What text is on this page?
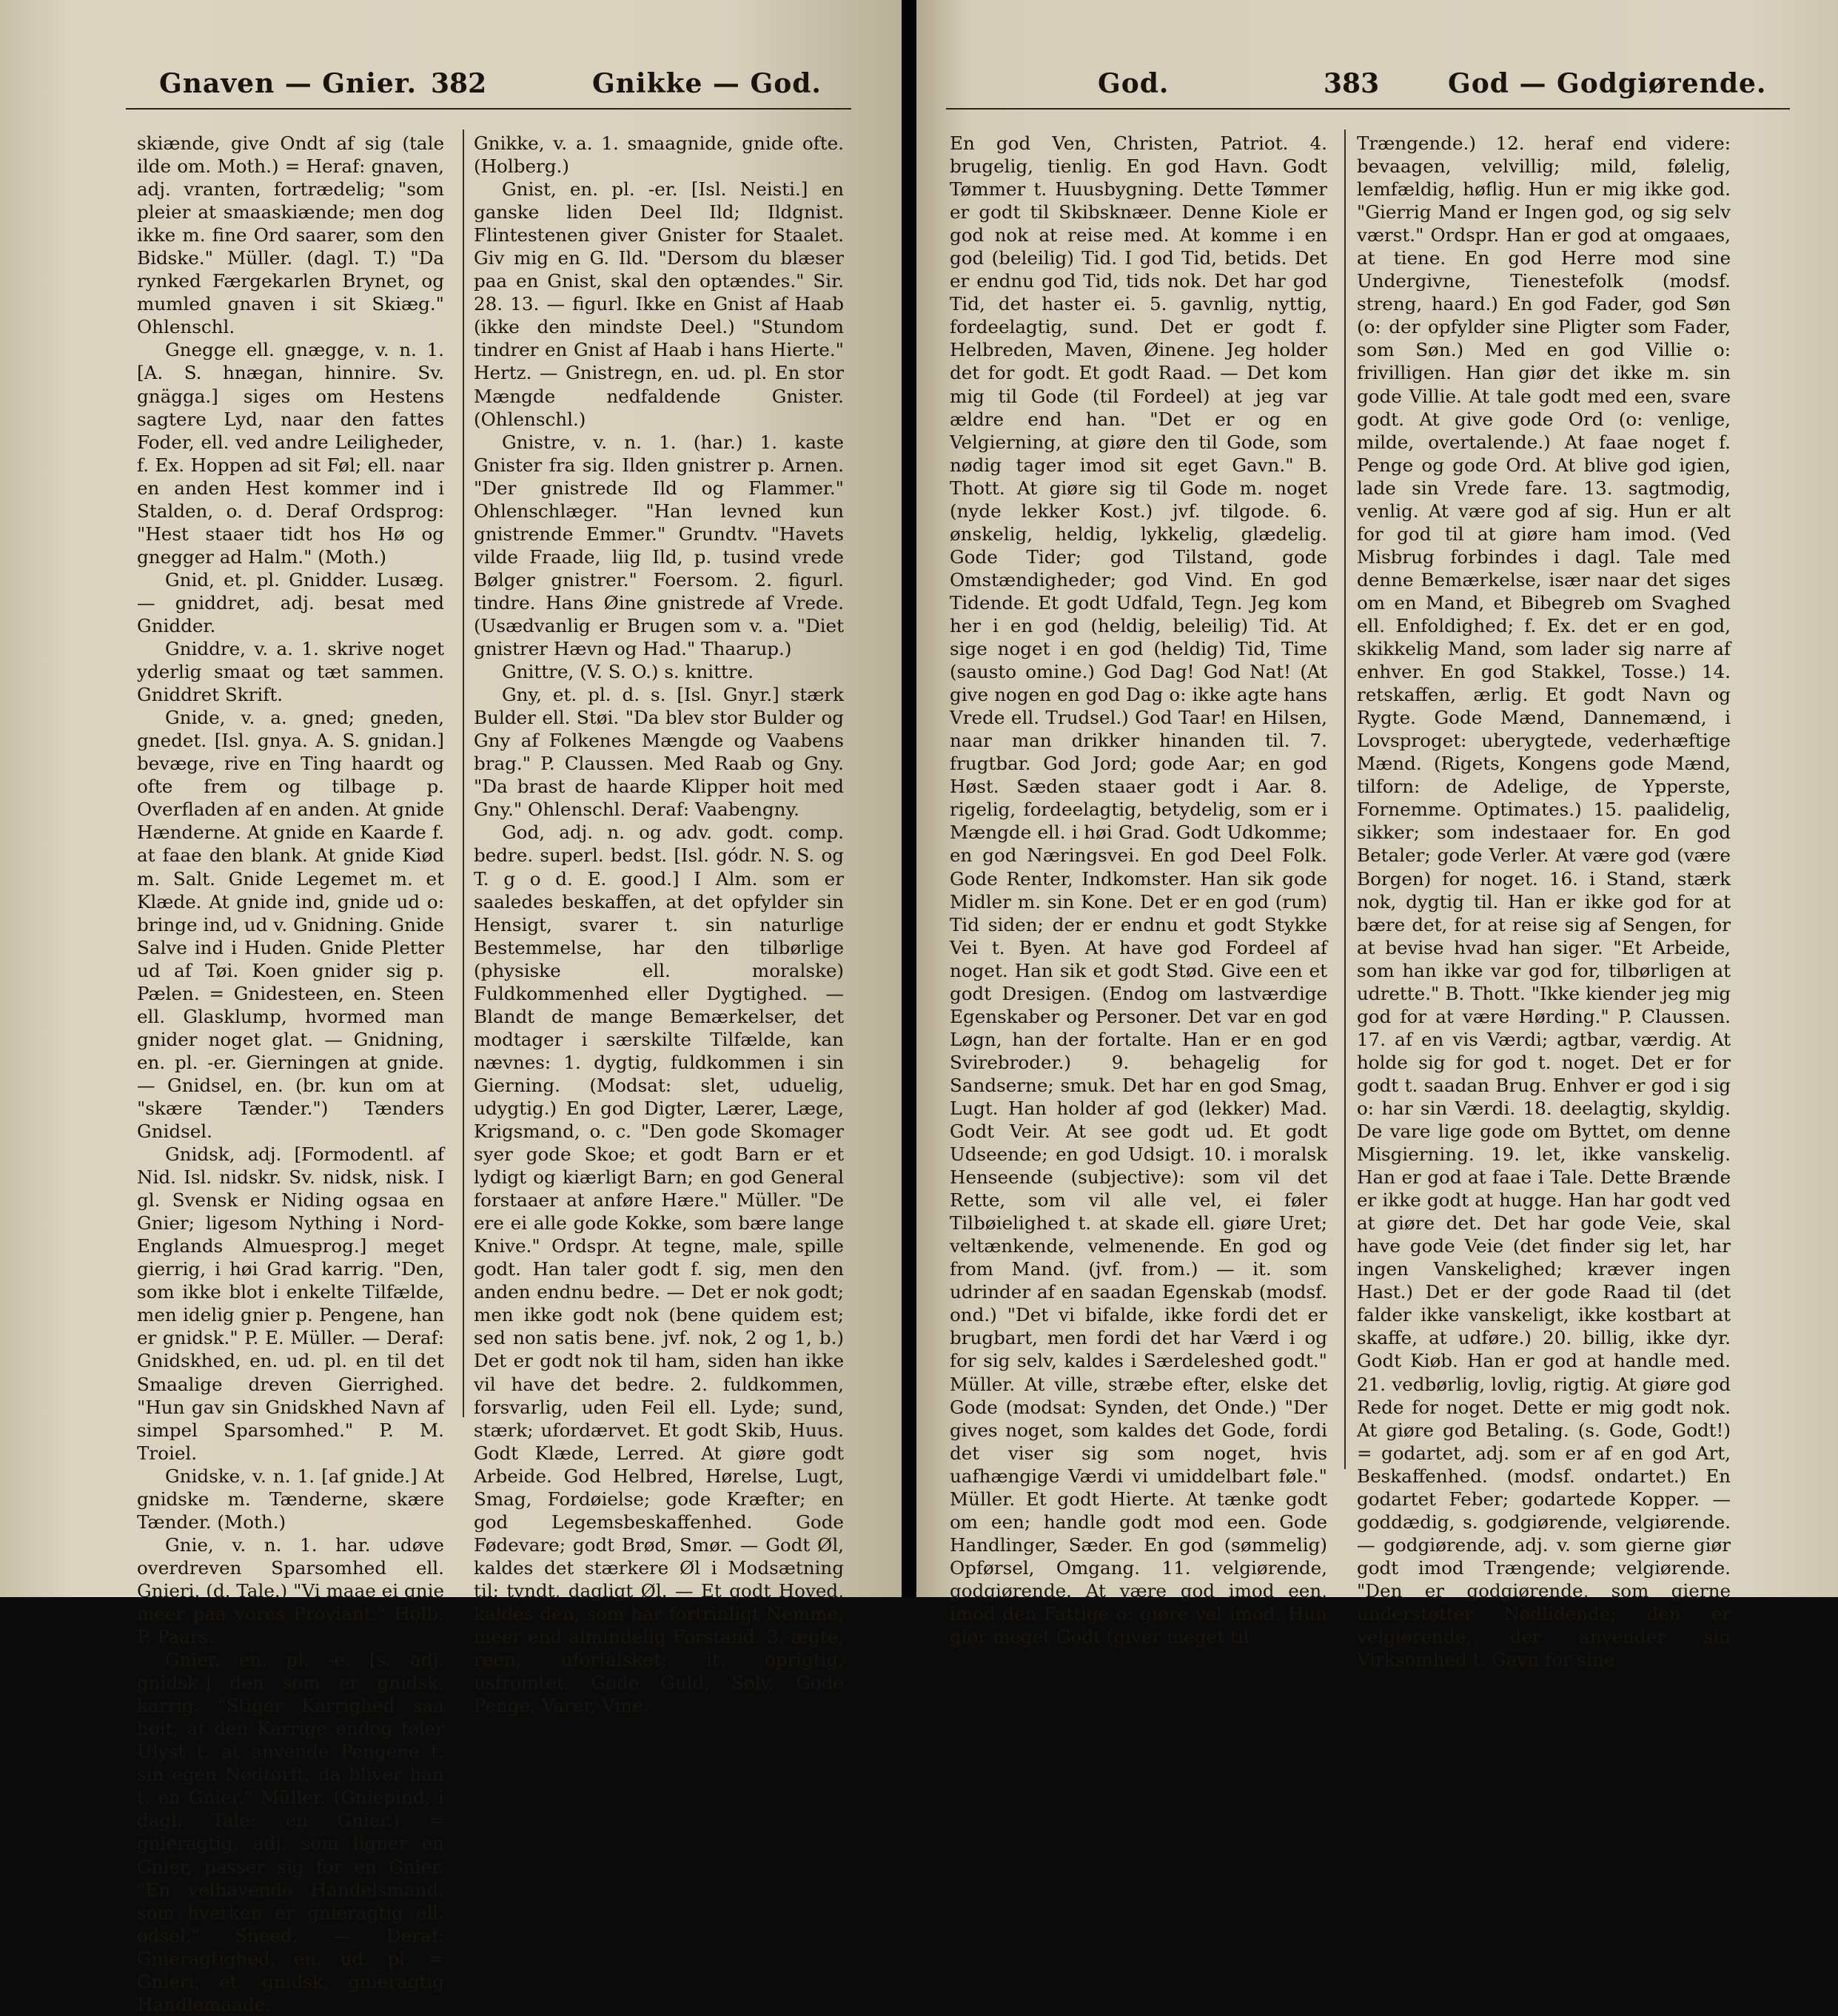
Gnaven — Gnier. 382	Gnikke — God.

skiænde, give Ondt af sig (tale ilde om. Moth.) = Heraf: gnaven, adj. vranten, fortrædelig; "som pleier at smaaskiænde; men dog ikke m. fine Ord saarer, som den Bidske." Müller. (dagl. T.) "Da rynked Færgekarlen Brynet, og mumled gnaven i sit Skiæg." Ohlenschl.

Gnegge ell. gnægge, v. n. 1. [A. S. hnægan, hinnire. Sv. gnägga.] siges om Hestens sagtere Lyd, naar den fattes Foder, ell. ved andre Leiligheder, f. Ex. Hoppen ad sit Føl; ell. naar en anden Hest kommer ind i Stalden, o. d. Deraf Ordsprog: "Hest staaer tidt hos Hø og gnegger ad Halm." (Moth.)

Gnid, et. pl. Gnidder. Lusæg. — gniddret, adj. besat med Gnidder.

Gniddre, v. a. 1. skrive noget yderlig smaat og tæt sammen. Gniddret Skrift.

Gnide, v. a. gned; gneden, gnedet. [Isl. gnya. A. S. gnidan.] bevæge, rive en Ting haardt og ofte frem og tilbage p. Overfladen af en anden. At gnide Hænderne. At gnide en Kaarde f. at faae den blank. At gnide Kiød m. Salt. Gnide Legemet m. et Klæde. At gnide ind, gnide ud o: bringe ind, ud v. Gnidning. Gnide Salve ind i Huden. Gnide Pletter ud af Tøi. Koen gnider sig p. Pælen. = Gnidesteen, en. Steen ell. Glasklump, hvormed man gnider noget glat. — Gnidning, en. pl. -er. Gierningen at gnide. — Gnidsel, en. (br. kun om at "skære Tænder.") Tænders Gnidsel.

Gnidsk, adj. [Formodentl. af Nid. Isl. nidskr. Sv. nidsk, nisk. I gl. Svensk er Niding ogsaa en Gnier; ligesom Nything i Nord-Englands Almuesprog.] meget gierrig, i høi Grad karrig. "Den, som ikke blot i enkelte Tilfælde, men idelig gnier p. Pengene, han er gnidsk." P. E. Müller. — Deraf: Gnidskhed, en. ud. pl. en til det Smaalige dreven Gierrighed. "Hun gav sin Gnidskhed Navn af simpel Sparsomhed." P. M. Troiel.

Gnidske, v. n. 1. [af gnide.] At gnidske m. Tænderne, skære Tænder. (Moth.)

Gnie, v. n. 1. har. udøve overdreven Sparsomhed ell. Gnieri. (d. Tale.) "Vi maae ei gnie meer paa vores Proviant." Holb. P. Paars.

Gnier, en. pl. -e. [s. adj. gnidsk.] den som er gnidsk, karrig. "Stiger Karrighed saa høit, at den Karrige endog føler Ulyst t. at anvende Pengene t. sin egen Nødtørft, da bliver han t. en Gnier." Müller. (Gniepind, i dagl. Tale: en Gnier.) = gnieragtig, adj. som ligner en Gnier, passer sig for en Gnier. "En velhavende Handelsmand, som hverken er gnieragtig ell. ødsel." Sneed. — Deraf: Gnieragtighed, en. ud. pl. = Gnieri, et. gnidsk, gnieragtig Handlemaade.

Gnikke, v. a. 1. smaagnide, gnide ofte. (Holberg.)

Gnist, en. pl. -er. [Isl. Neisti.] en ganske liden Deel Ild; Ildgnist. Flintestenen giver Gnister for Staalet. Giv mig en G. Ild. "Dersom du blæser paa en Gnist, skal den optændes." Sir. 28. 13. — figurl. Ikke en Gnist af Haab (ikke den mindste Deel.) "Stundom tindrer en Gnist af Haab i hans Hierte." Hertz. — Gnistregn, en. ud. pl. En stor Mængde nedfaldende Gnister. (Ohlenschl.)

Gnistre, v. n. 1. (har.) 1. kaste Gnister fra sig. Ilden gnistrer p. Arnen. "Der gnistrede Ild og Flammer." Ohlenschlæger. "Han levned kun gnistrende Emmer." Grundtv. "Havets vilde Fraade, liig Ild, p. tusind vrede Bølger gnistrer." Foersom. 2. figurl. tindre. Hans Øine gnistrede af Vrede. (Usædvanlig er Brugen som v. a. "Diet gnistrer Hævn og Had." Thaarup.)

Gnittre, (V. S. O.) s. knittre.

Gny, et. pl. d. s. [Isl. Gnyr.] stærk Bulder ell. Støi. "Da blev stor Bulder og Gny af Folkenes Mængde og Vaabens brag." P. Claussen. Med Raab og Gny. "Da brast de haarde Klipper hoit med Gny." Ohlenschl. Deraf: Vaabengny.

God, adj. n. og adv. godt. comp. bedre. superl. bedst. [Isl. gódr. N. S. og T. g o d. E. good.] I Alm. som er saaledes beskaffen, at det opfylder sin Hensigt, svarer t. sin naturlige Bestemmelse, har den tilbørlige (physiske ell. moralske) Fuldkommenhed eller Dygtighed. — Blandt de mange Bemærkelser, det modtager i særskilte Tilfælde, kan nævnes: 1. dygtig, fuldkommen i sin Gierning. (Modsat: slet, uduelig, udygtig.) En god Digter, Lærer, Læge, Krigsmand, o. c. "Den gode Skomager syer gode Skoe; et godt Barn er et lydigt og kiærligt Barn; en god General forstaaer at anføre Hære." Müller. "De ere ei alle gode Kokke, som bære lange Knive." Ordspr. At tegne, male, spille godt. Han taler godt f. sig, men den anden endnu bedre. — Det er nok godt; men ikke godt nok (bene quidem est; sed non satis bene. jvf. nok, 2 og 1, b.) Det er godt nok til ham, siden han ikke vil have det bedre. 2. fuldkommen, forsvarlig, uden Feil ell. Lyde; sund, stærk; ufordærvet. Et godt Skib, Huus. Godt Klæde, Lerred. At giøre godt Arbeide. God Helbred, Hørelse, Lugt, Smag, Fordøielse; gode Kræfter; en god Legemsbeskaffenhed. Gode Fødevare; godt Brød, Smør. — Godt Øl, kaldes det stærkere Øl i Modsætning til: tyndt, dagligt Øl. — Et godt Hoved, kaldes den, som har fortrinligt Nemme, meer end almindelig Forstand. 3. ægte, reen, uforfalsket; it. oprigtig, usfromtet. Gode Guld, Sølv, Gode Penge, Varer, Vine.

God.	383	God — Godgiørende.

En god Ven, Christen, Patriot. 4. brugelig, tienlig. En god Havn. Godt Tømmer t. Huusbygning. Dette Tømmer er godt til Skibsknæer. Denne Kiole er god nok at reise med. At komme i en god (beleilig) Tid. I god Tid, betids. Det er endnu god Tid, tids nok. Det har god Tid, det haster ei. 5. gavnlig, nyttig, fordeelagtig, sund. Det er godt f. Helbreden, Maven, Øinene. Jeg holder det for godt. Et godt Raad. — Det kom mig til Gode (til Fordeel) at jeg var ældre end han. "Det er og en Velgierning, at giøre den til Gode, som nødig tager imod sit eget Gavn." B. Thott. At giøre sig til Gode m. noget (nyde lekker Kost.) jvf. tilgode. 6. ønskelig, heldig, lykkelig, glædelig. Gode Tider; god Tilstand, gode Omstændigheder; god Vind. En god Tidende. Et godt Udfald, Tegn. Jeg kom her i en god (heldig, beleilig) Tid. At sige noget i en god (heldig) Tid, Time (sausto omine.) God Dag! God Nat! (At give nogen en god Dag o: ikke agte hans Vrede ell. Trudsel.) God Taar! en Hilsen, naar man drikker hinanden til. 7. frugtbar. God Jord; gode Aar; en god Høst. Sæden staaer godt i Aar. 8. rigelig, fordeelagtig, betydelig, som er i Mængde ell. i høi Grad. Godt Udkomme; en god Næringsvei. En god Deel Folk. Gode Renter, Indkomster. Han sik gode Midler m. sin Kone. Det er en god (rum) Tid siden; der er endnu et godt Stykke Vei t. Byen. At have god Fordeel af noget. Han sik et godt Stød. Give een et godt Dresigen. (Endog om lastværdige Egenskaber og Personer. Det var en god Løgn, han der fortalte. Han er en god Svirebroder.) 9. behagelig for Sandserne; smuk. Det har en god Smag, Lugt. Han holder af god (lekker) Mad. Godt Veir. At see godt ud. Et godt Udseende; en god Udsigt. 10. i moralsk Henseende (subjective): som vil det Rette, som vil alle vel, ei føler Tilbøielighed t. at skade ell. giøre Uret; veltænkende, velmenende. En god og from Mand. (jvf. from.) — it. som udrinder af en saadan Egenskab (modsf. ond.) "Det vi bifalde, ikke fordi det er brugbart, men fordi det har Værd i og for sig selv, kaldes i Særdeleshed godt." Müller. At ville, stræbe efter, elske det Gode (modsat: Synden, det Onde.) "Der gives noget, som kaldes det Gode, fordi det viser sig som noget, hvis uafhængige Værdi vi umiddelbart føle." Müller. Et godt Hierte. At tænke godt om een; handle godt mod een. Gode Handlinger, Sæder. En god (sømmelig) Opførsel, Omgang. 11. velgiørende, godgiørende. At være god imod een, imod den Fattige o: giøre vel imod. Hun giør meget Godt (giver meget til

Trængende.) 12. heraf end videre: bevaagen, velvillig; mild, følelig, lemfældig, høflig. Hun er mig ikke god. "Gierrig Mand er Ingen god, og sig selv værst." Ordspr. Han er god at omgaaes, at tiene. En god Herre mod sine Undergivne, Tienestefolk (modsf. streng, haard.) En god Fader, god Søn (o: der opfylder sine Pligter som Fader, som Søn.) Med en god Villie o: frivilligen. Han giør det ikke m. sin gode Villie. At tale godt med een, svare godt. At give gode Ord (o: venlige, milde, overtalende.) At faae noget f. Penge og gode Ord. At blive god igien, lade sin Vrede fare. 13. sagtmodig, venlig. At være god af sig. Hun er alt for god til at giøre ham imod. (Ved Misbrug forbindes i dagl. Tale med denne Bemærkelse, især naar det siges om en Mand, et Bibegreb om Svaghed ell. Enfoldighed; f. Ex. det er en god, skikkelig Mand, som lader sig narre af enhver. En god Stakkel, Tosse.) 14. retskaffen, ærlig. Et godt Navn og Rygte. Gode Mænd, Dannemænd, i Lovsproget: uberygtede, vederhæftige Mænd. (Rigets, Kongens gode Mænd, tilforn: de Adelige, de Ypperste, Fornemme. Optimates.) 15. paalidelig, sikker; som indestaaer for. En god Betaler; gode Verler. At være god (være Borgen) for noget. 16. i Stand, stærk nok, dygtig til. Han er ikke god for at bære det, for at reise sig af Sengen, for at bevise hvad han siger. "Et Arbeide, som han ikke var god for, tilbørligen at udrette." B. Thott. "Ikke kiender jeg mig god for at være Hørding." P. Claussen. 17. af en vis Værdi; agtbar, værdig. At holde sig for god t. noget. Det er for godt t. saadan Brug. Enhver er god i sig o: har sin Værdi. 18. deelagtig, skyldig. De vare lige gode om Byttet, om denne Misgierning. 19. let, ikke vanskelig. Han er god at faae i Tale. Dette Brænde er ikke godt at hugge. Han har godt ved at giøre det. Det har gode Veie, skal have gode Veie (det finder sig let, har ingen Vanskelighed; kræver ingen Hast.) Det er der gode Raad til (det falder ikke vanskeligt, ikke kostbart at skaffe, at udføre.) 20. billig, ikke dyr. Godt Kiøb. Han er god at handle med. 21. vedbørlig, lovlig, rigtig. At giøre god Rede for noget. Dette er mig godt nok. At giøre god Betaling. (s. Gode, Godt!) = godartet, adj. som er af en god Art, Beskaffenhed. (modsf. ondartet.) En godartet Feber; godartede Kopper. — goddædig, s. godgiørende, velgiørende. — godgiørende, adj. v. som gierne giør godt imod Trængende; velgiørende. "Den er godgiørende, som gierne understøtter Nødlidende; den er velgiørende, der anvender sin Virksomhed t. Gavn for sine
